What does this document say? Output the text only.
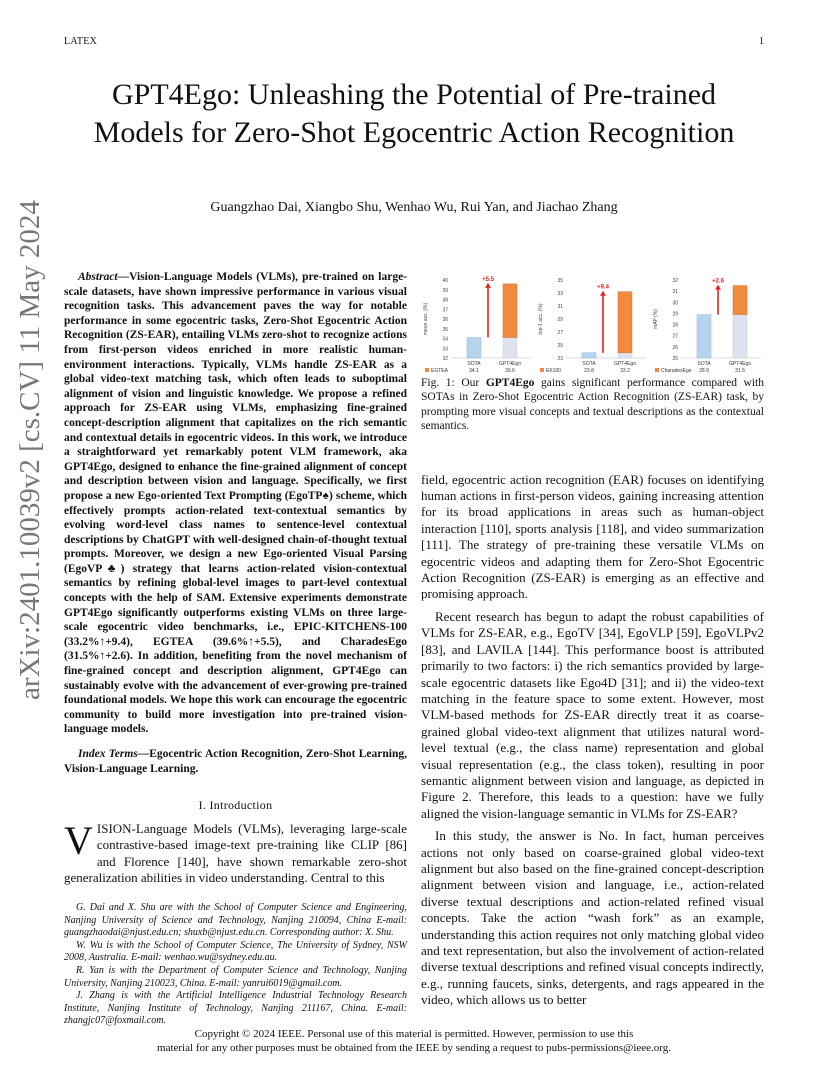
LATEX	1
arXiv:2401.10039v2 [cs.CV] 11 May 2024
GPT4Ego: Unleashing the Potential of Pre-trained Models for Zero-Shot Egocentric Action Recognition
Guangzhao Dai, Xiangbo Shu, Wenhao Wu, Rui Yan, and Jiachao Zhang

Abstract—Vision-Language Models (VLMs), pre-trained on large-scale datasets, have shown impressive performance in various visual recognition tasks. This advancement paves the way for notable performance in some egocentric tasks, Zero-Shot Egocentric Action Recognition (ZS-EAR), entailing VLMs zero-shot to recognize actions from first-person videos enriched in more realistic human-environment interactions. Typically, VLMs handle ZS-EAR as a global video-text matching task, which often leads to suboptimal alignment of vision and linguistic knowledge. We propose a refined approach for ZS-EAR using VLMs, emphasizing fine-grained concept-description alignment that capitalizes on the rich semantic and contextual details in egocentric videos. In this work, we introduce a straightforward yet remarkably potent VLM framework, aka GPT4Ego, designed to enhance the fine-grained alignment of concept and description between vision and language. Specifically, we first propose a new Ego-oriented Text Prompting (EgoTP♠) scheme, which effectively prompts action-related text-contextual semantics by evolving word-level class names to sentence-level contextual descriptions by ChatGPT with well-designed chain-of-thought textual prompts. Moreover, we design a new Ego-oriented Visual Parsing (EgoVP♣) strategy that learns action-related vision-contextual semantics by refining global-level images to part-level contextual concepts with the help of SAM. Extensive experiments demonstrate GPT4Ego significantly outperforms existing VLMs on three large-scale egocentric video benchmarks, i.e., EPIC-KITCHENS-100 (33.2%↑+9.4), EGTEA (39.6%↑+5.5), and CharadesEgo (31.5%↑+2.6). In addition, benefiting from the novel mechanism of fine-grained concept and description alignment, GPT4Ego can sustainably evolve with the advancement of ever-growing pre-trained foundational models. We hope this work can encourage the egocentric community to build more investigation into pre-trained vision-language models.

Index Terms—Egocentric Action Recognition, Zero-Shot Learning, Vision-Language Learning.

I. Introduction

VISION-Language Models (VLMs), leveraging large-scale contrastive-based image-text pre-training like CLIP [86] and Florence [140], have shown remarkable zero-shot generalization abilities in video understanding. Central to this

G. Dai and X. Shu are with the School of Computer Science and Engineering, Nanjing University of Science and Technology, Nanjing 210094, China E-mail: guangzhaodai@njust.edu.cn; shuxb@njust.edu.cn. Corresponding author: X. Shu.

W. Wu is with the School of Computer Science, The University of Sydney, NSW 2008, Australia. E-mail: wenhao.wu@sydney.edu.au.

R. Yan is with the Department of Computer Science and Technology, Nanjing University, Nanjing 210023, China. E-mail: yanrui6019@gmail.com.

J. Zhang is with the Artificial Intelligence Industrial Technology Research Institute, Nanjing Institute of Technology, Nanjing 211167, China. E-mail: zhangjc07@foxmail.com.

mean acc. (%)
32
33
34
35
36
37
38
39
40	+5.5
SOTA
34.1
GPT4Ego
39.6
EGTEA
top-1 acc. (%)
23
25
27
29
31
33
35
+9.4
SOTA
23.8
GPT4Ego
33.2
EK100
mAP (%)
25
26
27
28
29
30
31
32	+2.6
SOTA
28.9
GPT4Ego
31.5
CharadesEgo

Fig. 1: Our GPT4Ego gains significant performance compared with SOTAs in Zero-Shot Egocentric Action Recognition (ZS-EAR) task, by prompting more visual concepts and textual descriptions as the contextual semantics.

field, egocentric action recognition (EAR) focuses on identifying human actions in first-person videos, gaining increasing attention for its broad applications in areas such as human-object interaction [110], sports analysis [118], and video summarization [111]. The strategy of pre-training these versatile VLMs on egocentric videos and adapting them for Zero-Shot Egocentric Action Recognition (ZS-EAR) is emerging as an effective and promising approach.

Recent research has begun to adapt the robust capabilities of VLMs for ZS-EAR, e.g., EgoTV [34], EgoVLP [59], EgoVLPv2 [83], and LAVILA [144]. This performance boost is attributed primarily to two factors: i) the rich semantics provided by large-scale egocentric datasets like Ego4D [31]; and ii) the video-text matching in the feature space to some extent. However, most VLM-based methods for ZS-EAR directly treat it as coarse-grained global video-text alignment that utilizes natural word-level textual (e.g., the class name) representation and global visual representation (e.g., the class token), resulting in poor semantic alignment between vision and language, as depicted in Figure 2. Therefore, this leads to a question: have we fully aligned the vision-language semantic in VLMs for ZS-EAR?

In this study, the answer is No. In fact, human perceives actions not only based on coarse-grained global video-text alignment but also based on the fine-grained concept-description alignment between vision and language, i.e., action-related diverse textual descriptions and action-related refined visual concepts. Take the action “wash fork” as an example, understanding this action requires not only matching global video and text representation, but also the involvement of action-related diverse textual descriptions and refined visual concepts indirectly, e.g., running faucets, sinks, detergents, and rags appeared in the video, which allows us to better

Copyright © 2024 IEEE. Personal use of this material is permitted. However, permission to use this
material for any other purposes must be obtained from the IEEE by sending a request to pubs-permissions@ieee.org.
